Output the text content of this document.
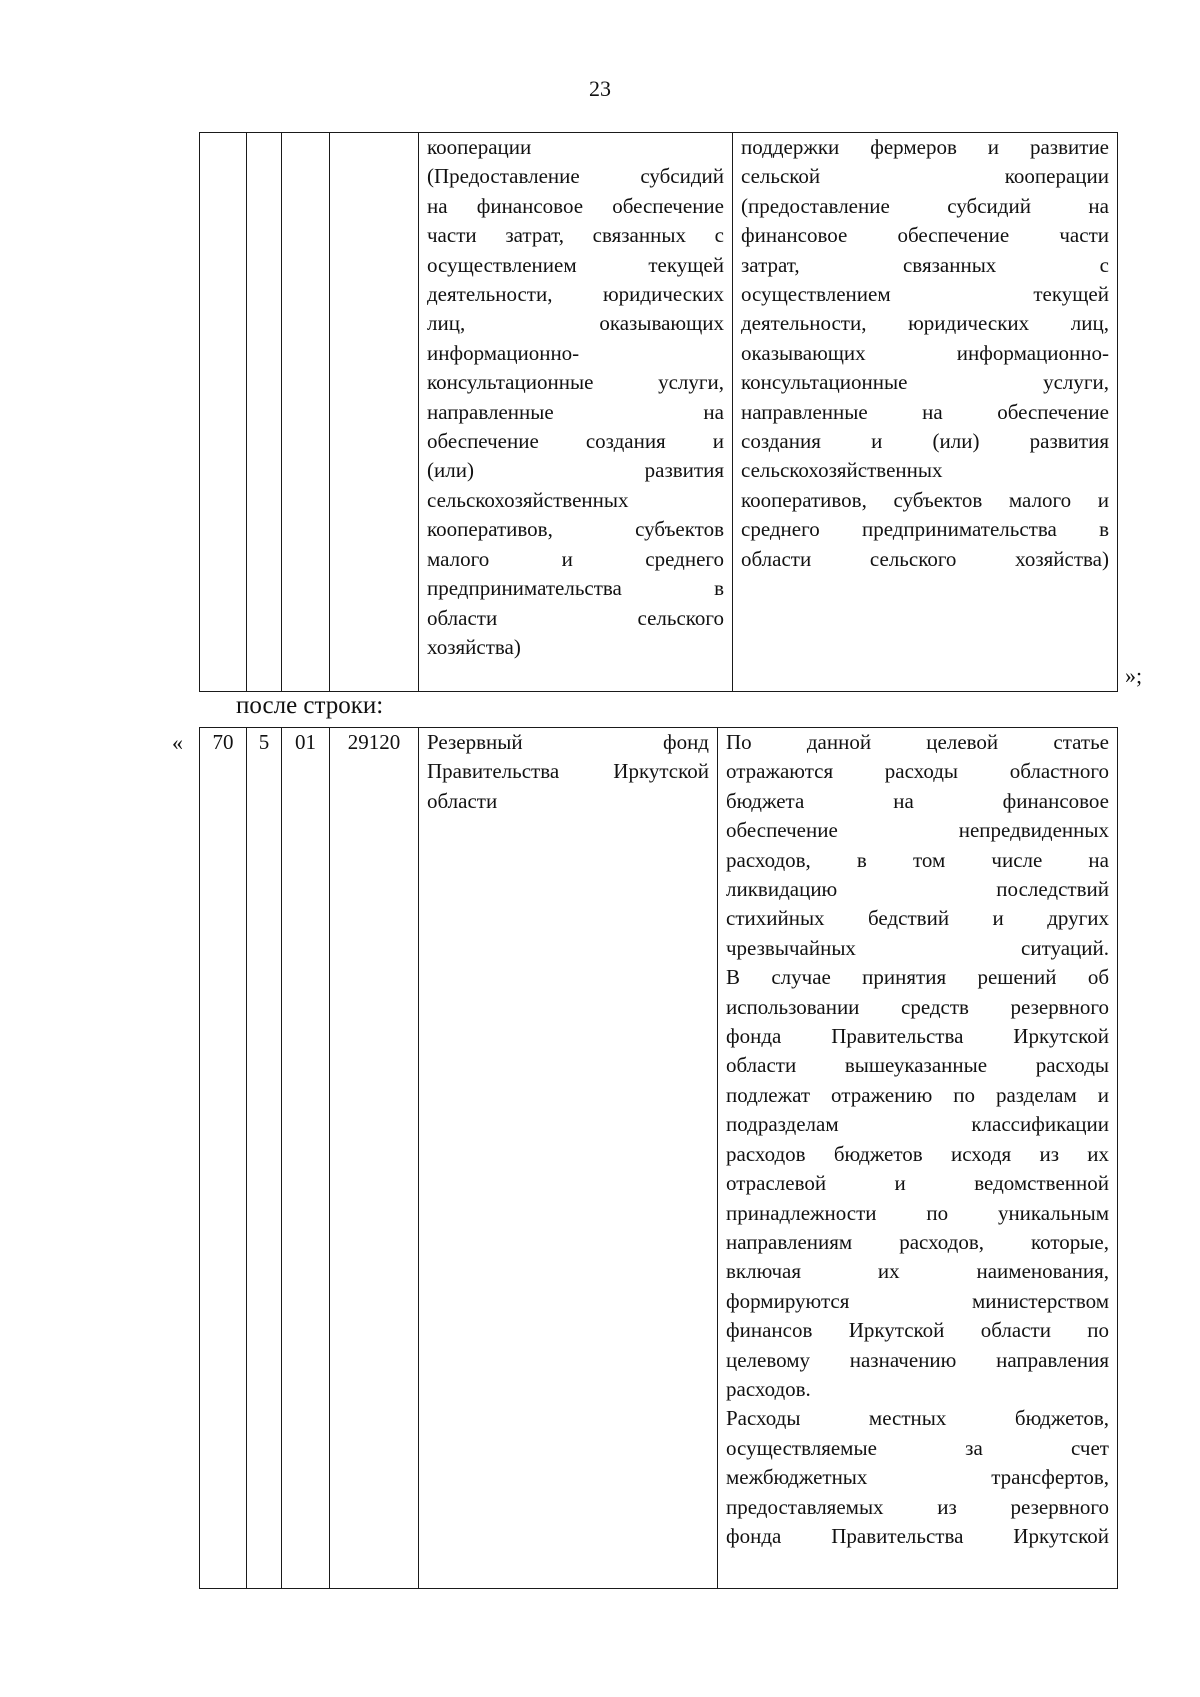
23
				кооперации
(Предоставление субсидий
на финансовое обеспечение
части затрат, связанных с
осуществлением текущей
деятельности, юридических
лиц, оказывающих
информационно-
консультационные услуги,
направленные на
обеспечение создания и
(или) развития
сельскохозяйственных
кооперативов, субъектов
малого и среднего
предпринимательства в
области сельского
хозяйства)	поддержки фермеров и развитие
сельской кооперации
(предоставление субсидий на
финансовое обеспечение части
затрат, связанных с
осуществлением текущей
деятельности, юридических лиц,
оказывающих информационно-
консультационные услуги,
направленные на обеспечение
создания и (или) развития
сельскохозяйственных
кооперативов, субъектов малого и
среднего предпринимательства в
области сельского хозяйства)
»;
после строки:
« 70	5	01	29120	Резервный фонд
Правительства Иркутской
области	По данной целевой статье
отражаются расходы областного
бюджета на финансовое
обеспечение непредвиденных
расходов, в том числе на
ликвидацию последствий
стихийных бедствий и других
чрезвычайных ситуаций.
В случае принятия решений об
использовании средств резервного
фонда Правительства Иркутской
области вышеуказанные расходы
подлежат отражению по разделам и
подразделам классификации
расходов бюджетов исходя из их
отраслевой и ведомственной
принадлежности по уникальным
направлениям расходов, которые,
включая их наименования,
формируются министерством
финансов Иркутской области по
целевому назначению направления
расходов.
Расходы местных бюджетов,
осуществляемые за счет
межбюджетных трансфертов,
предоставляемых из резервного
фонда Правительства Иркутской
